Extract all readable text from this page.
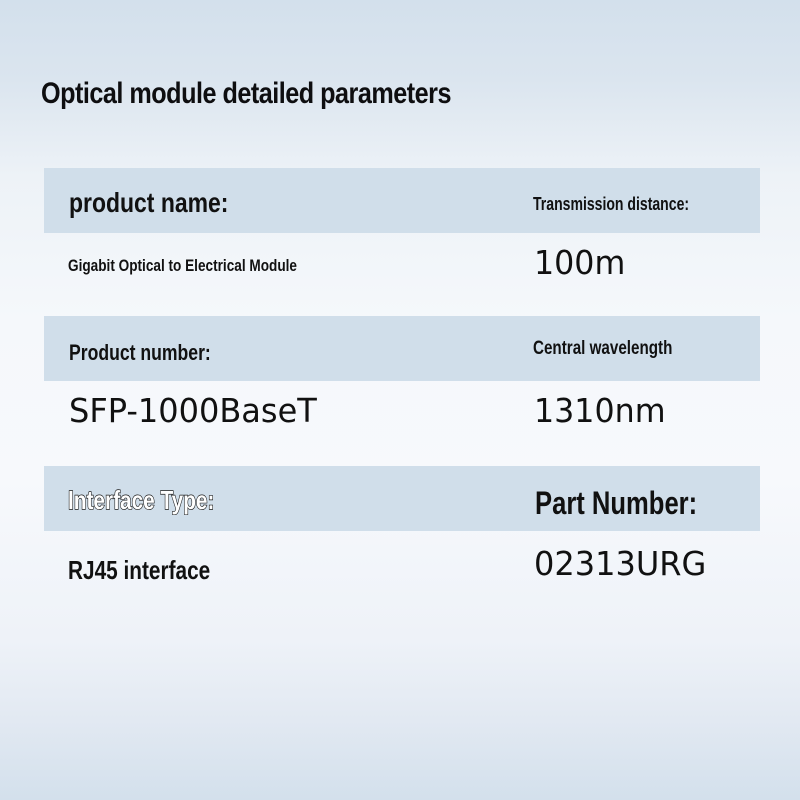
Optical module detailed parameters
product name:	Transmission distance:
Gigabit Optical to Electrical Module	100m
Product number:	Central wavelength
SFP-1000BaseT	1310nm
Interface Type:	Part Number:
RJ45 interface	02313URG
